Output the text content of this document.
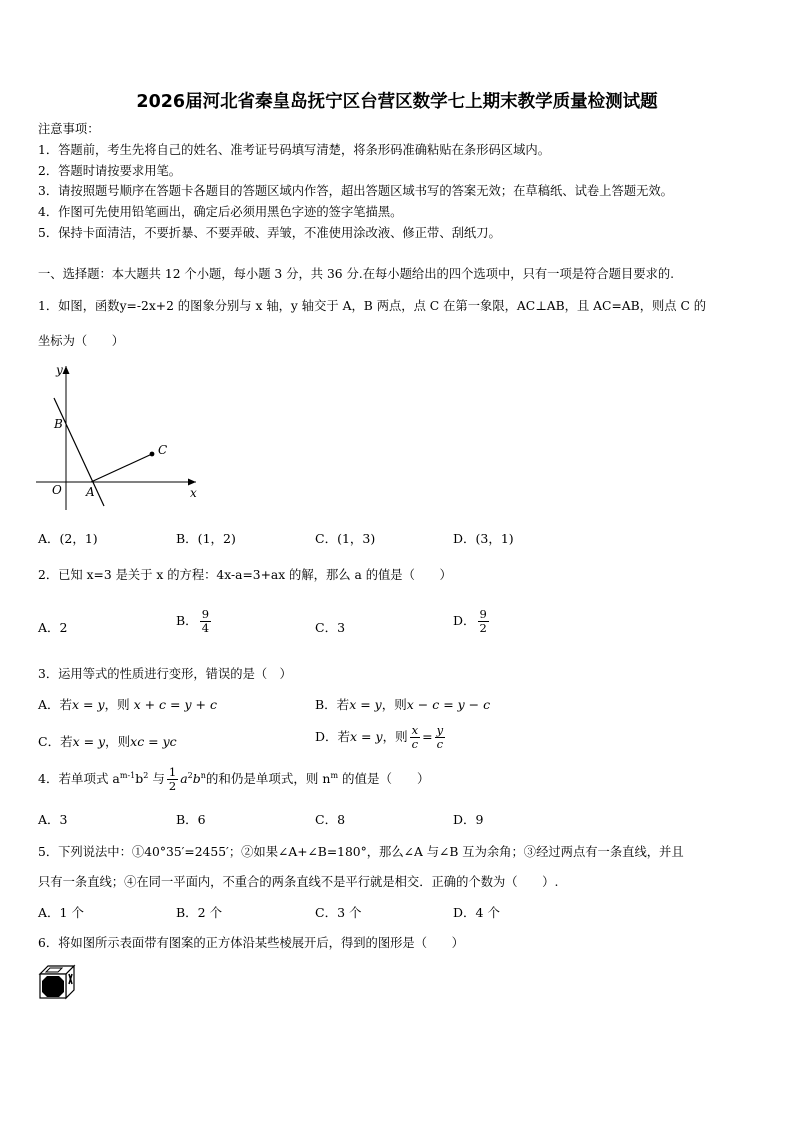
2026届河北省秦皇岛抚宁区台营区数学七上期末教学质量检测试题
注意事项：
1．答题前，考生先将自己的姓名、准考证号码填写清楚，将条形码准确粘贴在条形码区域内。
2．答题时请按要求用笔。
3．请按照题号顺序在答题卡各题目的答题区域内作答，超出答题区域书写的答案无效；在草稿纸、试卷上答题无效。
4．作图可先使用铅笔画出，确定后必须用黑色字迹的签字笔描黑。
5．保持卡面清洁，不要折暴、不要弄破、弄皱，不准使用涂改液、修正带、刮纸刀。
一、选择题：本大题共 12 个小题，每小题 3 分，共 36 分.在每小题给出的四个选项中，只有一项是符合题目要求的.
1．如图，函数y=-2x+2 的图象分别与 x 轴，y 轴交于 A，B 两点，点 C 在第一象限，AC⊥AB，且 AC=AB，则点 C 的
坐标为（　　）
y
x
O A
B
C
A．(2，1)	B．(1，2)	C．(1，3)	D．(3，1)
2．已知 x=3 是关于 x 的方程：4x-a=3+ax 的解，那么 a 的值是（　　）
A．2	B． $\frac{9}{4}$	C．3	D． $\frac{9}{2}$
3．运用等式的性质进行变形，错误的是（　）
A．若x = y，则 x + c = y + c	B．若x = y，则x − c = y − c
C．若x = y，则xc = yc	D．若x = y，则 $\frac{x}{c} = \frac{y}{c}$
4．若单项式 $a^{m-1}b^2$ 与 $\frac{1}{2} a^2b^n$的和仍是单项式，则 $n^m$ 的值是（　　）
A．3	B．6	C．8	D．9
5．下列说法中：①40°35′=2455′；②如果∠A+∠B=180°，那么∠A 与∠B 互为余角；③经过两点有一条直线，并且
只有一条直线；④在同一平面内，不重合的两条直线不是平行就是相交．正确的个数为（　　）.
A．1 个	B．2 个	C．3 个	D．4 个
6．将如图所示表面带有图案的正方体沿某些棱展开后，得到的图形是（　　）
